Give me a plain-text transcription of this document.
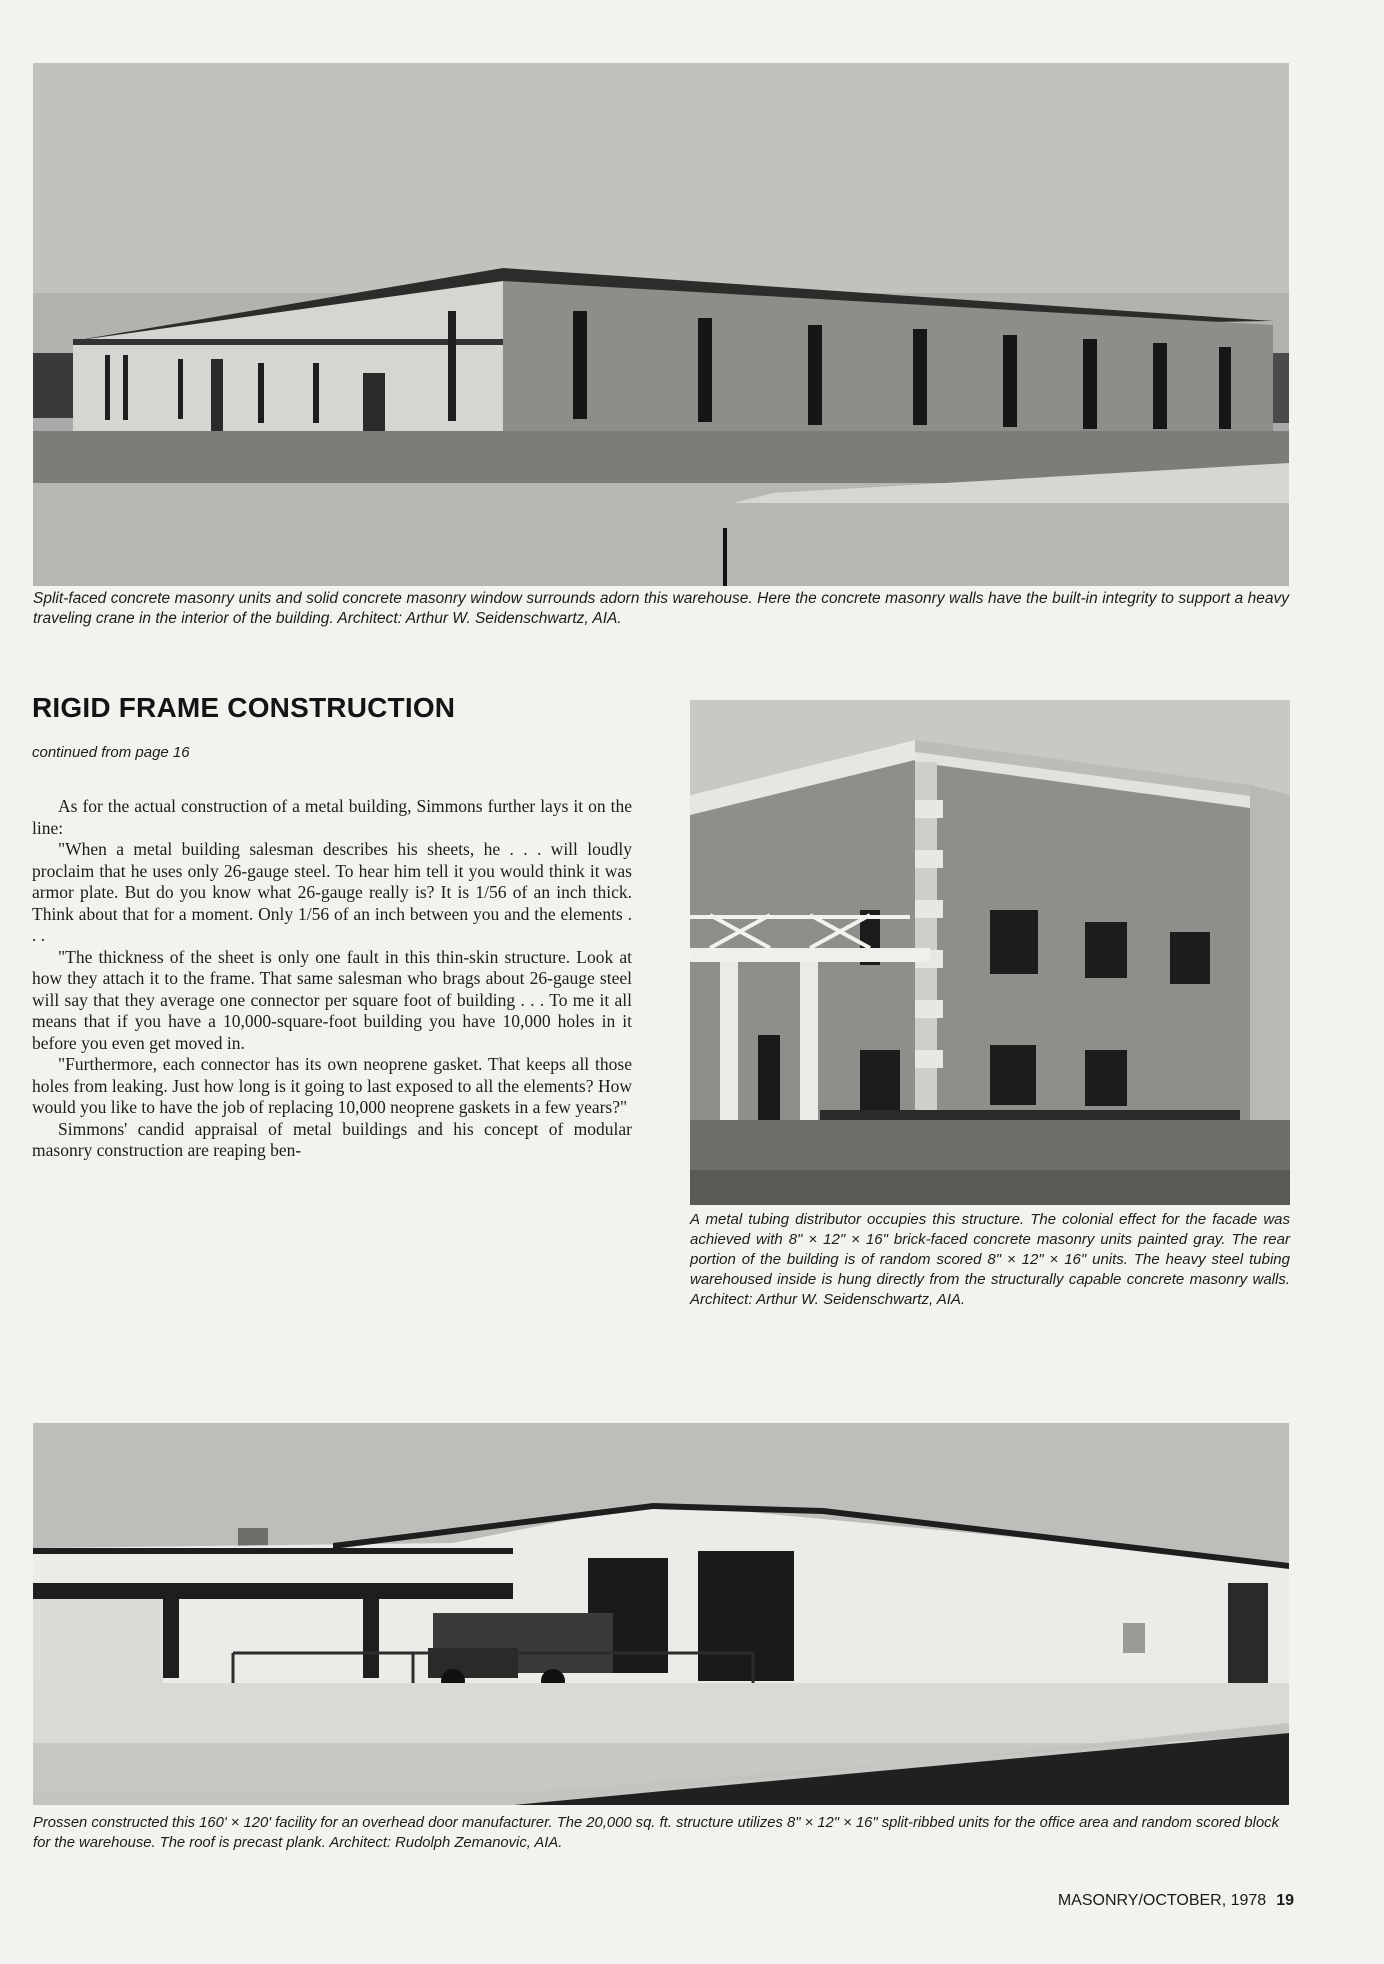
Split-faced concrete masonry units and solid concrete masonry window surrounds adorn this warehouse. Here the concrete masonry walls have the built-in integrity to support a heavy traveling crane in the interior of the building. Architect: Arthur W. Seidenschwartz, AIA.

RIGID FRAME CONSTRUCTION

continued from page 16

As for the actual construction of a metal building, Simmons further lays it on the line:

"When a metal building salesman describes his sheets, he . . . will loudly proclaim that he uses only 26-gauge steel. To hear him tell it you would think it was armor plate. But do you know what 26-gauge really is? It is 1/56 of an inch thick. Think about that for a moment. Only 1/56 of an inch between you and the elements . . .

"The thickness of the sheet is only one fault in this thin-skin structure. Look at how they attach it to the frame. That same salesman who brags about 26-gauge steel will say that they average one connector per square foot of building . . . To me it all means that if you have a 10,000-square-foot building you have 10,000 holes in it before you even get moved in.

"Furthermore, each connector has its own neoprene gasket. That keeps all those holes from leaking. Just how long is it going to last exposed to all the elements? How would you like to have the job of replacing 10,000 neoprene gaskets in a few years?"

Simmons' candid appraisal of metal buildings and his concept of modular masonry construction are reaping ben-

A metal tubing distributor occupies this structure. The colonial effect for the facade was achieved with 8" × 12" × 16" brick-faced concrete masonry units painted gray. The rear portion of the building is of random scored 8" × 12" × 16" units. The heavy steel tubing warehoused inside is hung directly from the structurally capable concrete masonry walls. Architect: Arthur W. Seidenschwartz, AIA.

Prossen constructed this 160' × 120' facility for an overhead door manufacturer. The 20,000 sq. ft. structure utilizes 8" × 12" × 16" split-ribbed units for the office area and random scored block for the warehouse. The roof is precast plank. Architect: Rudolph Zemanovic, AIA.

MASONRY/OCTOBER, 1978 19
